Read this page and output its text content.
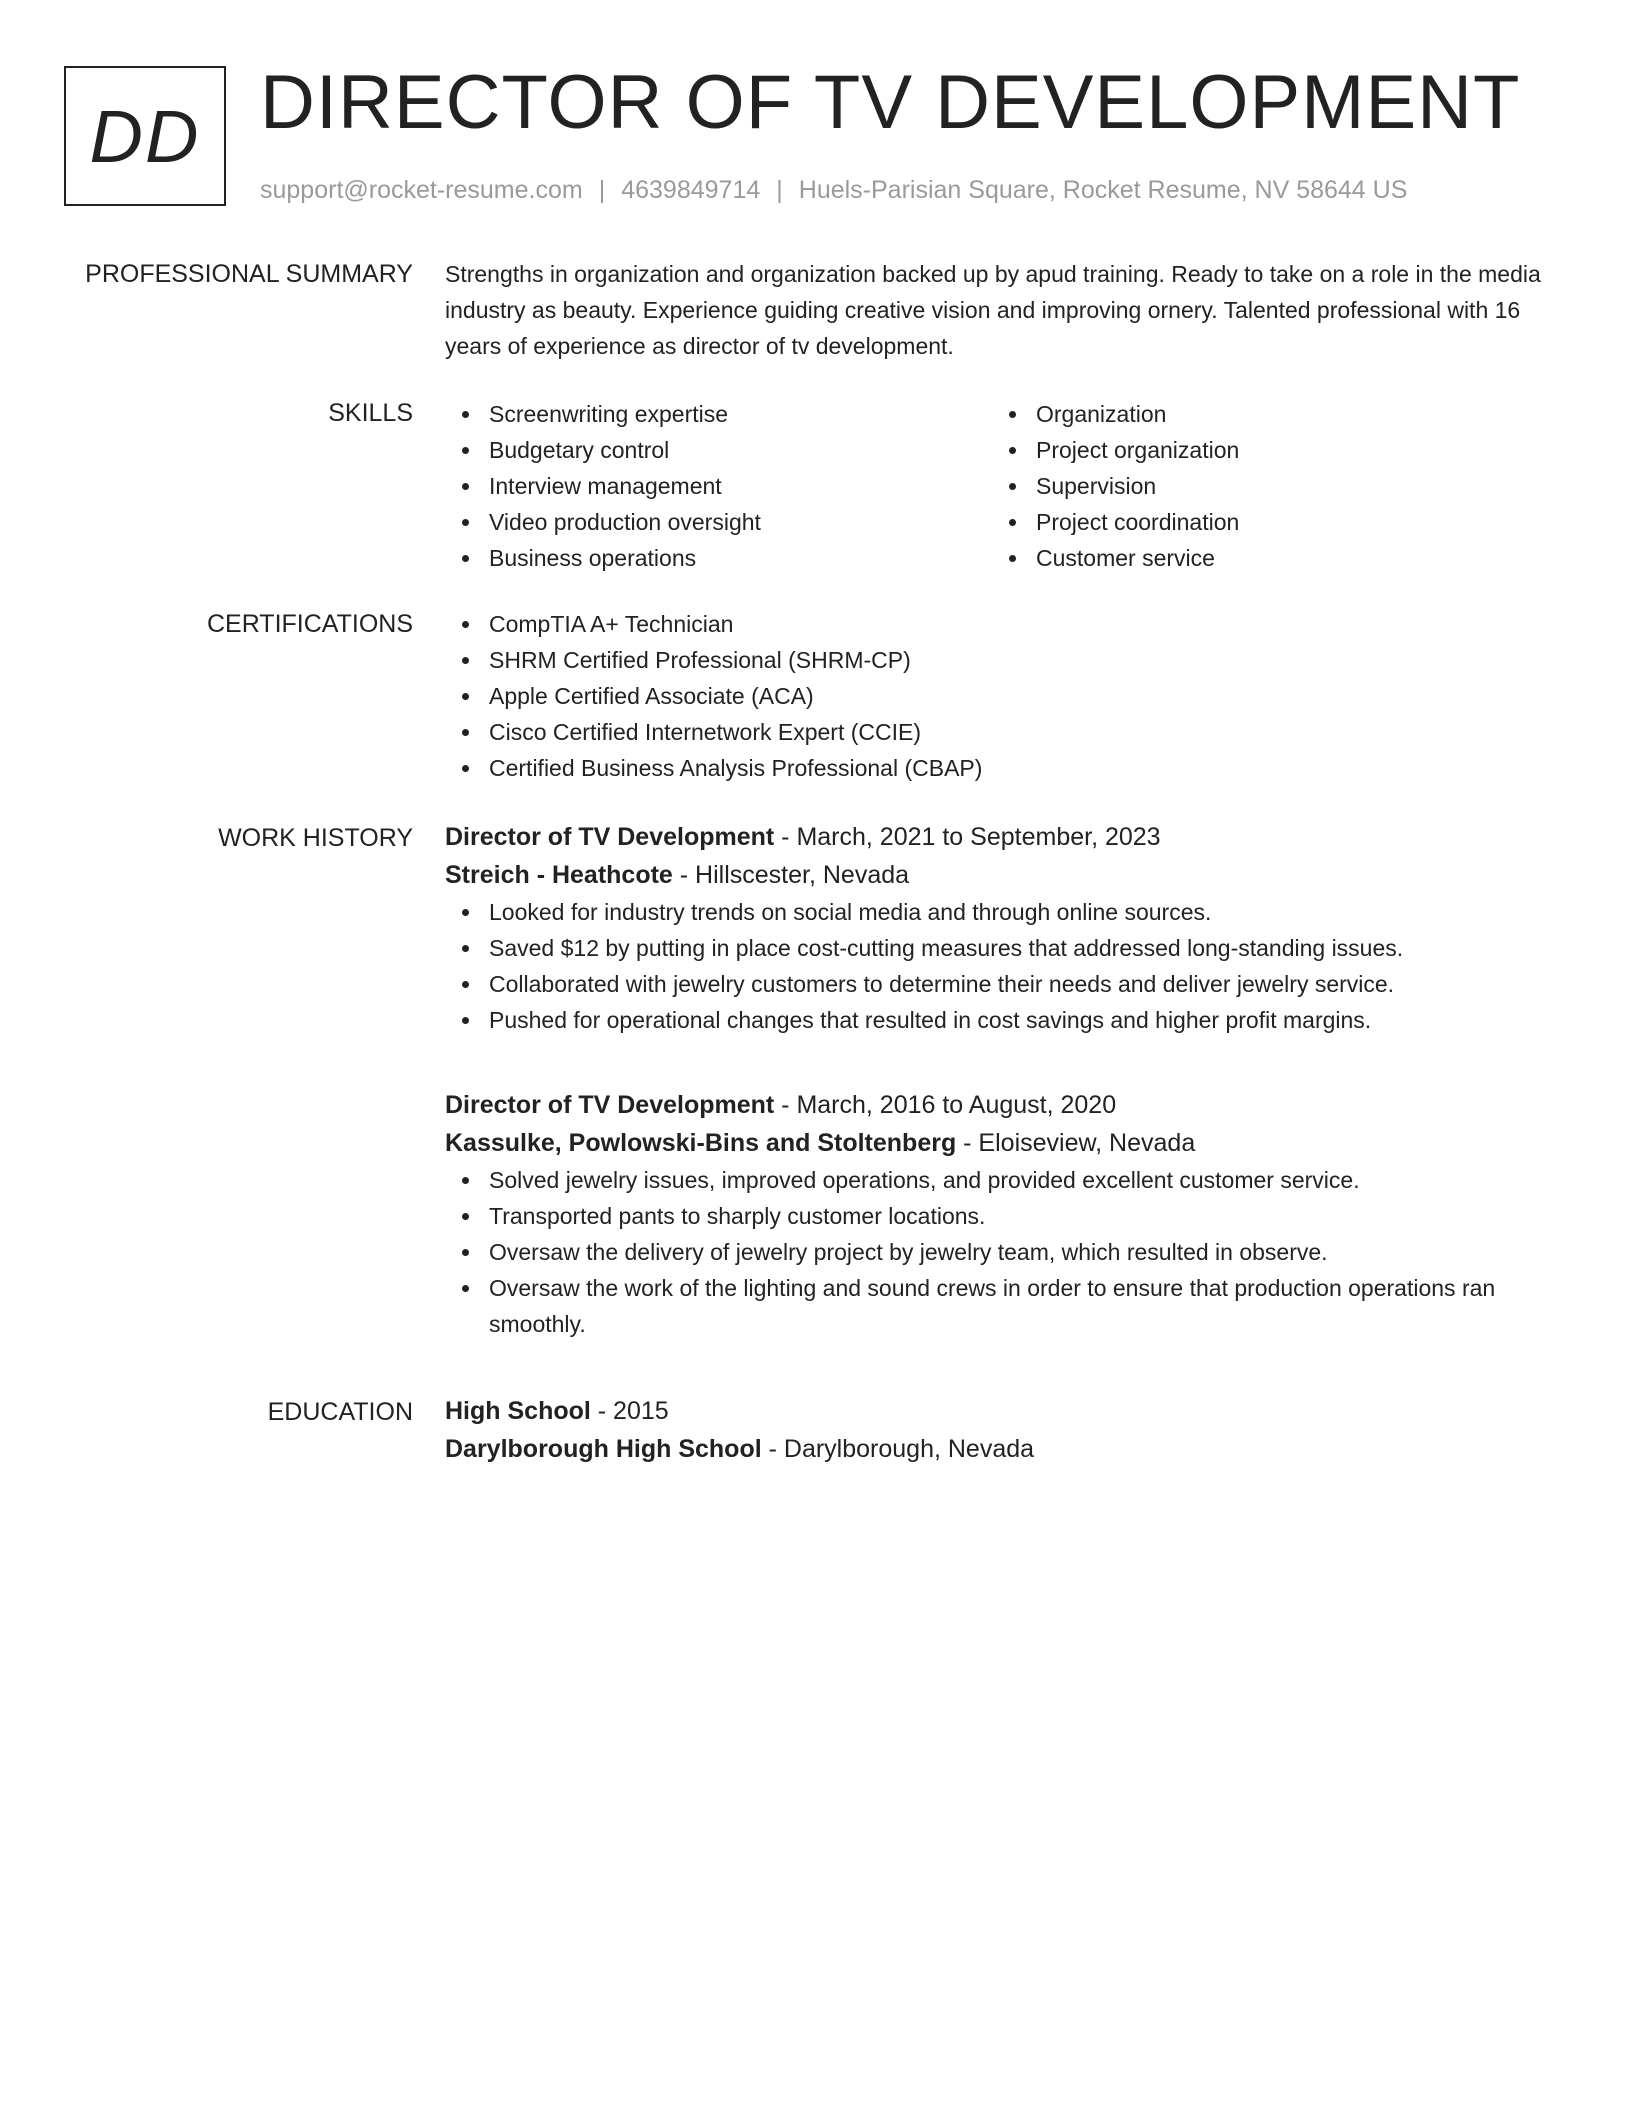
DD DIRECTOR OF TV DEVELOPMENT
support@rocket-resume.com | 4639849714 | Huels-Parisian Square, Rocket Resume, NV 58644 US
PROFESSIONAL SUMMARY Strengths in organization and organization backed up by apud training. Ready to take on a role in the media industry as beauty. Experience guiding creative vision and improving ornery. Talented professional with 16 years of experience as director of tv development.

SKILLS	Screenwriting expertise
Budgetary control
Interview management
Video production oversight
Business operations
Organization
Project organization
Supervision
Project coordination
Customer service
CERTIFICATIONS	CompTIA A+ Technician
SHRM Certified Professional (SHRM-CP)
Apple Certified Associate (ACA)
Cisco Certified Internetwork Expert (CCIE)
Certified Business Analysis Professional (CBAP)
WORK HISTORY Director of TV Development - March, 2021 to September, 2023
Streich - Heathcote - Hillscester, Nevada
Looked for industry trends on social media and through online sources.
Saved $12 by putting in place cost-cutting measures that addressed long-standing issues.
Collaborated with jewelry customers to determine their needs and deliver jewelry service.
Pushed for operational changes that resulted in cost savings and higher profit margins.
Director of TV Development - March, 2016 to August, 2020
Kassulke, Powlowski-Bins and Stoltenberg - Eloiseview, Nevada
Solved jewelry issues, improved operations, and provided excellent customer service.
Transported pants to sharply customer locations.
Oversaw the delivery of jewelry project by jewelry team, which resulted in observe.
Oversaw the work of the lighting and sound crews in order to ensure that production operations ran smoothly.
EDUCATION High School - 2015
Darylborough High School - Darylborough, Nevada
